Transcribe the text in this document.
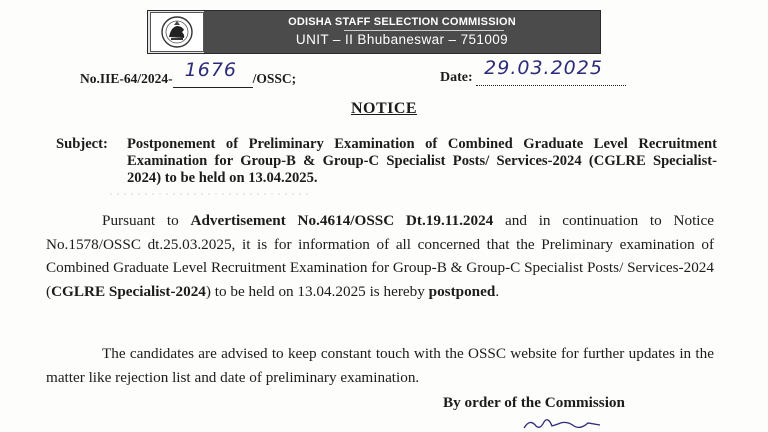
ODISHA STAFF SELECTION COMMISSION
UNIT – II Bhubaneswar – 751009
No.IIE-64/2024- 1676 /OSSC;	Date: 29.03.2025
NOTICE
Subject: Postponement of Preliminary Examination of Combined Graduate Level Recruitment Examination for Group-B & Group-C Specialist Posts/ Services-2024 (CGLRE Specialist-2024) to be held on 13.04.2025.
Pursuant to Advertisement No.4614/OSSC Dt.19.11.2024 and in continuation to Notice No.1578/OSSC dt.25.03.2025, it is for information of all concerned that the Preliminary examination of Combined Graduate Level Recruitment Examination for Group-B & Group-C Specialist Posts/ Services-2024 (CGLRE Specialist-2024) to be held on 13.04.2025 is hereby postponed.
The candidates are advised to keep constant touch with the OSSC website for further updates in the matter like rejection list and date of preliminary examination.
By order of the Commission
